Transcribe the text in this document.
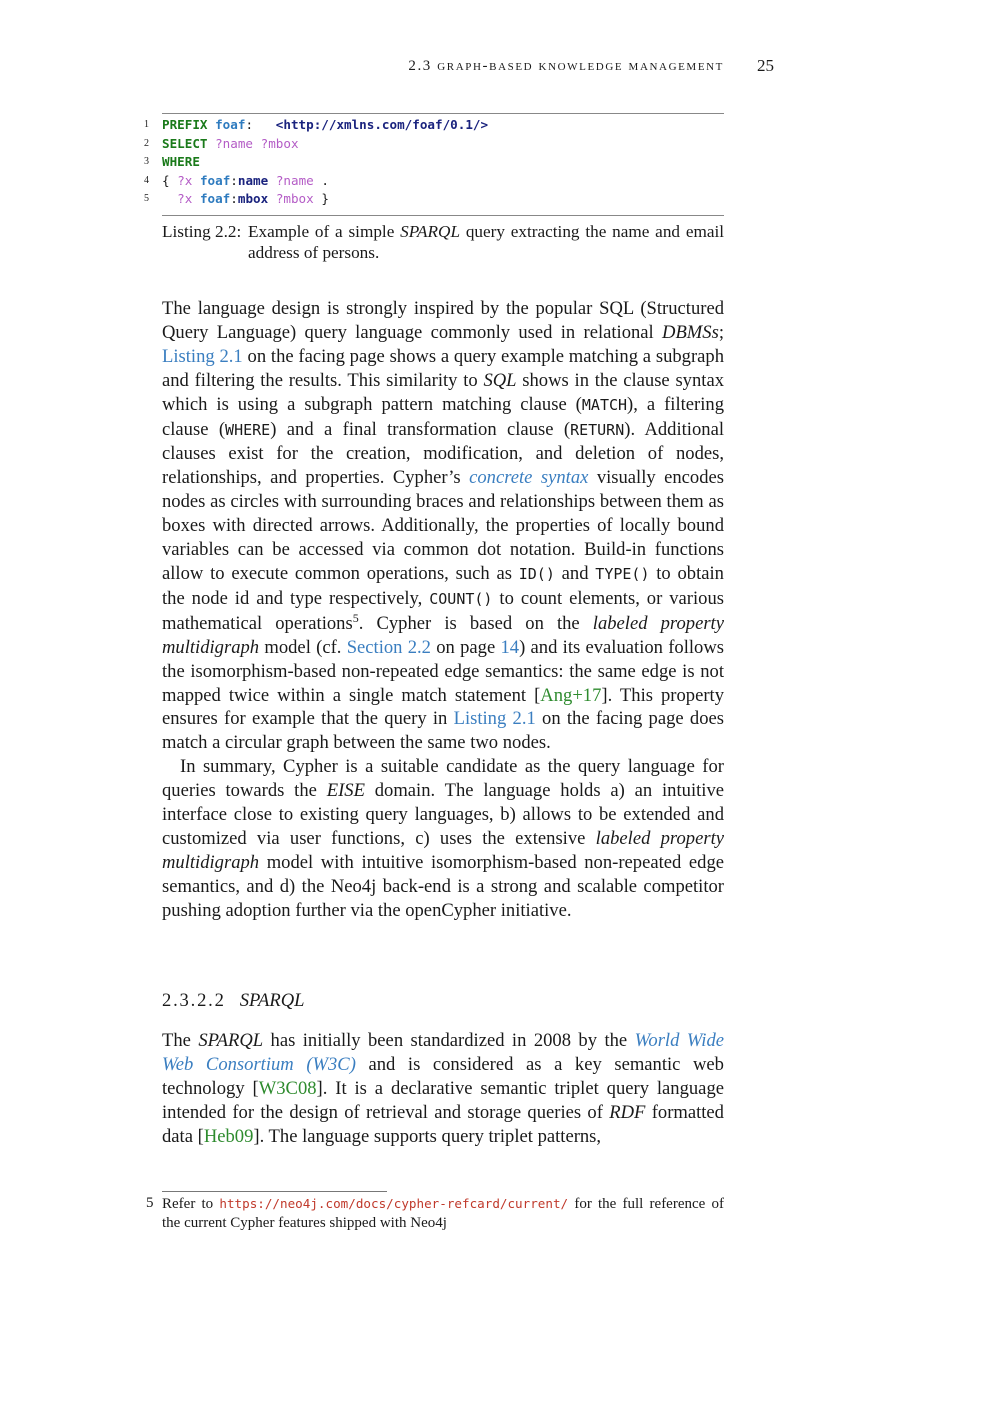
2.3 graph-based knowledge management 25
1 PREFIX foaf: <http://xmlns.com/foaf/0.1/>
2 SELECT ?name ?mbox
3 WHERE
4 { ?x foaf:name ?name .
5 ?x foaf:mbox ?mbox }
Listing 2.2: Example of a simple SPARQL query extracting the name and email address of persons.

The language design is strongly inspired by the popular SQL (Structured Query Language) query language commonly used in relational DBMSs; Listing 2.1 on the facing page shows a query example matching a subgraph and filtering the results. This similarity to SQL shows in the clause syntax which is using a subgraph pattern matching clause (MATCH), a filtering clause (WHERE) and a final transformation clause (RETURN). Additional clauses exist for the creation, modification, and deletion of nodes, relationships, and properties. Cypher’s concrete syntax visually encodes nodes as circles with surrounding braces and relationships between them as boxes with directed arrows. Additionally, the properties of locally bound variables can be accessed via common dot notation. Build-in functions allow to execute common operations, such as ID() and TYPE() to obtain the node id and type respectively, COUNT() to count elements, or various mathematical operations$^5$. Cypher is based on the labeled property multidigraph model (cf. Section 2.2 on page 14) and its evaluation follows the isomorphism-based non-repeated edge semantics: the same edge is not mapped twice within a single match statement [Ang+17]. This property ensures for example that the query in Listing 2.1 on the facing page does match a circular graph between the same two nodes.

In summary, Cypher is a suitable candidate as the query language for queries towards the EISE domain. The language holds a) an intuitive interface close to existing query languages, b) allows to be extended and customized via user functions, c) uses the extensive labeled property multidigraph model with intuitive isomorphism-based non-repeated edge semantics, and d) the Neo4j back-end is a strong and scalable competitor pushing adoption further via the openCypher initiative.

2.3.2.2 SPARQL

The SPARQL has initially been standardized in 2008 by the World Wide Web Consortium (W3C) and is considered as a key semantic web technology [W3C08]. It is a declarative semantic triplet query language intended for the design of retrieval and storage queries of RDF formatted data [Heb09]. The language supports query triplet patterns,

5 Refer to https://neo4j.com/docs/cypher-refcard/current/ for the full reference of the current Cypher features shipped with Neo4j
